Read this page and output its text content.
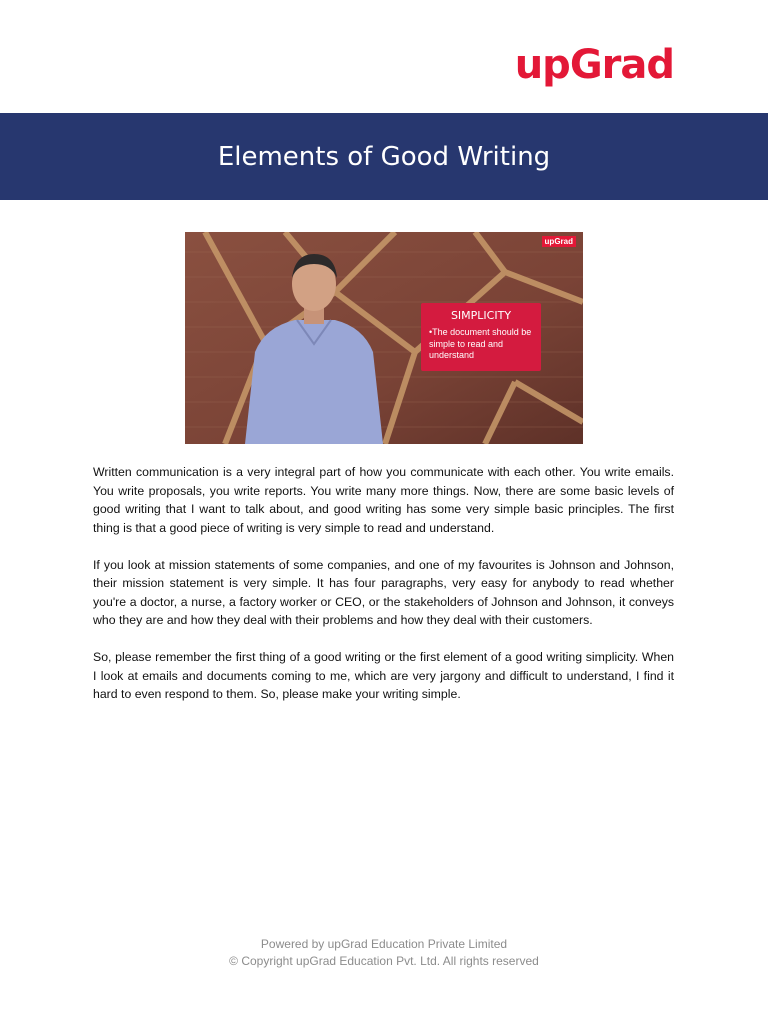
upGrad
Elements of Good Writing
upGrad
SIMPLICITY
•The document should be simple to read and understand

Written communication is a very integral part of how you communicate with each other. You write emails. You write proposals, you write reports. You write many more things. Now, there are some basic levels of good writing that I want to talk about, and good writing has some very simple basic principles. The first thing is that a good piece of writing is very simple to read and understand.

If you look at mission statements of some companies, and one of my favourites is Johnson and Johnson, their mission statement is very simple. It has four paragraphs, very easy for anybody to read whether you're a doctor, a nurse, a factory worker or CEO, or the stakeholders of Johnson and Johnson, it conveys who they are and how they deal with their problems and how they deal with their customers.

So, please remember the first thing of a good writing or the first element of a good writing simplicity. When I look at emails and documents coming to me, which are very jargony and difficult to understand, I find it hard to even respond to them. So, please make your writing simple.

Powered by upGrad Education Private Limited
© Copyright upGrad Education Pvt. Ltd. All rights reserved
